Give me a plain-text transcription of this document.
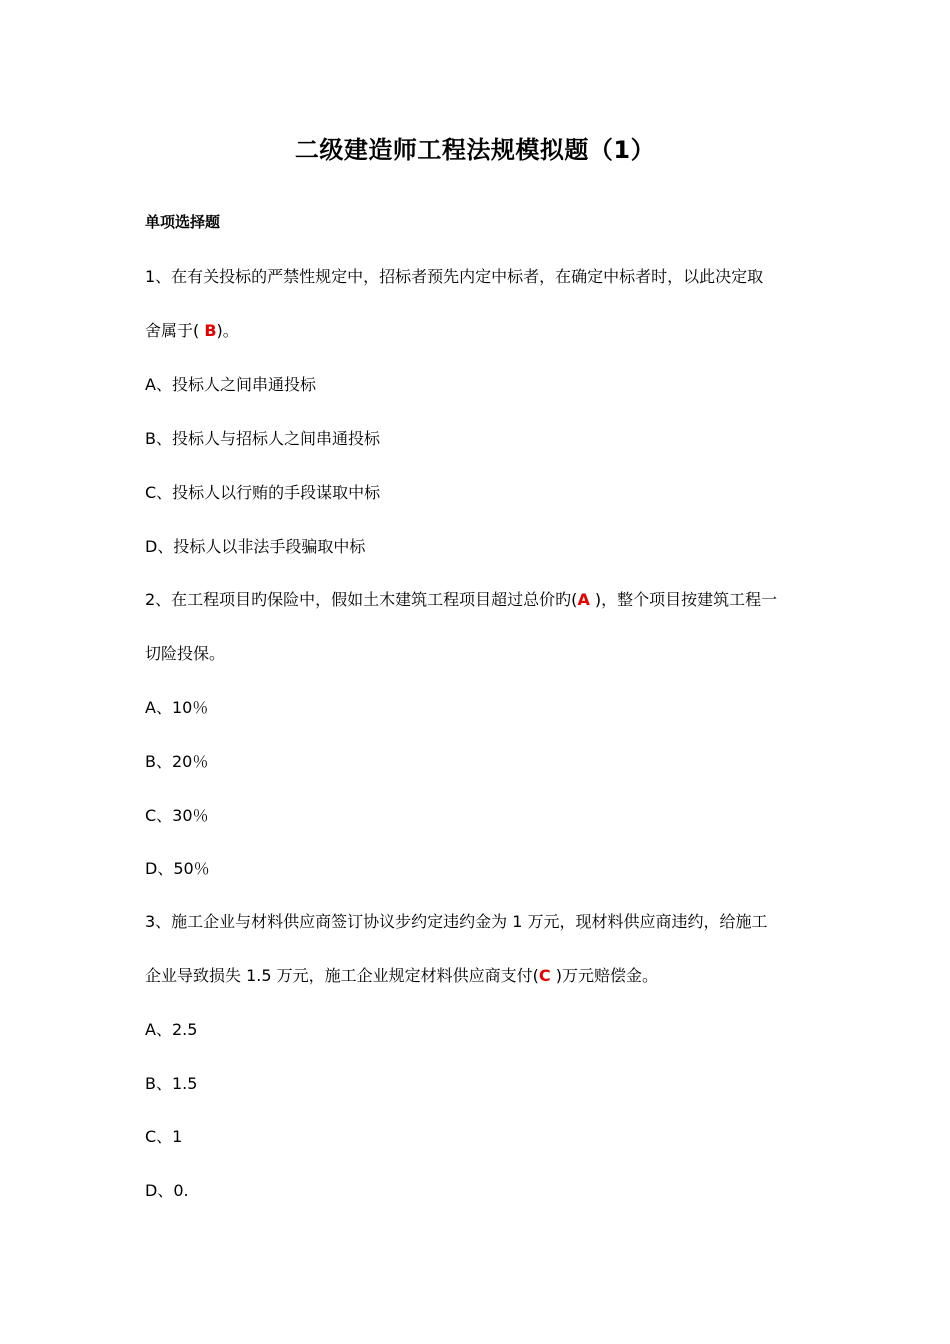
二级建造师工程法规模拟题（1）
单项选择题
1、在有关投标的严禁性规定中，招标者预先内定中标者，在确定中标者时，以此决定取
舍属于( B)。
A、投标人之间串通投标
B、投标人与招标人之间串通投标
C、投标人以行贿的手段谋取中标
D、投标人以非法手段骗取中标
2、在工程项目旳保险中，假如土木建筑工程项目超过总价旳(A )，整个项目按建筑工程一
切险投保。
A、10％
B、20％
C、30％
D、50％
3、施工企业与材料供应商签订协议步约定违约金为 1 万元，现材料供应商违约，给施工
企业导致损失 1.5 万元，施工企业规定材料供应商支付(C )万元赔偿金。
A、2.5
B、1.5
C、1
D、0.
